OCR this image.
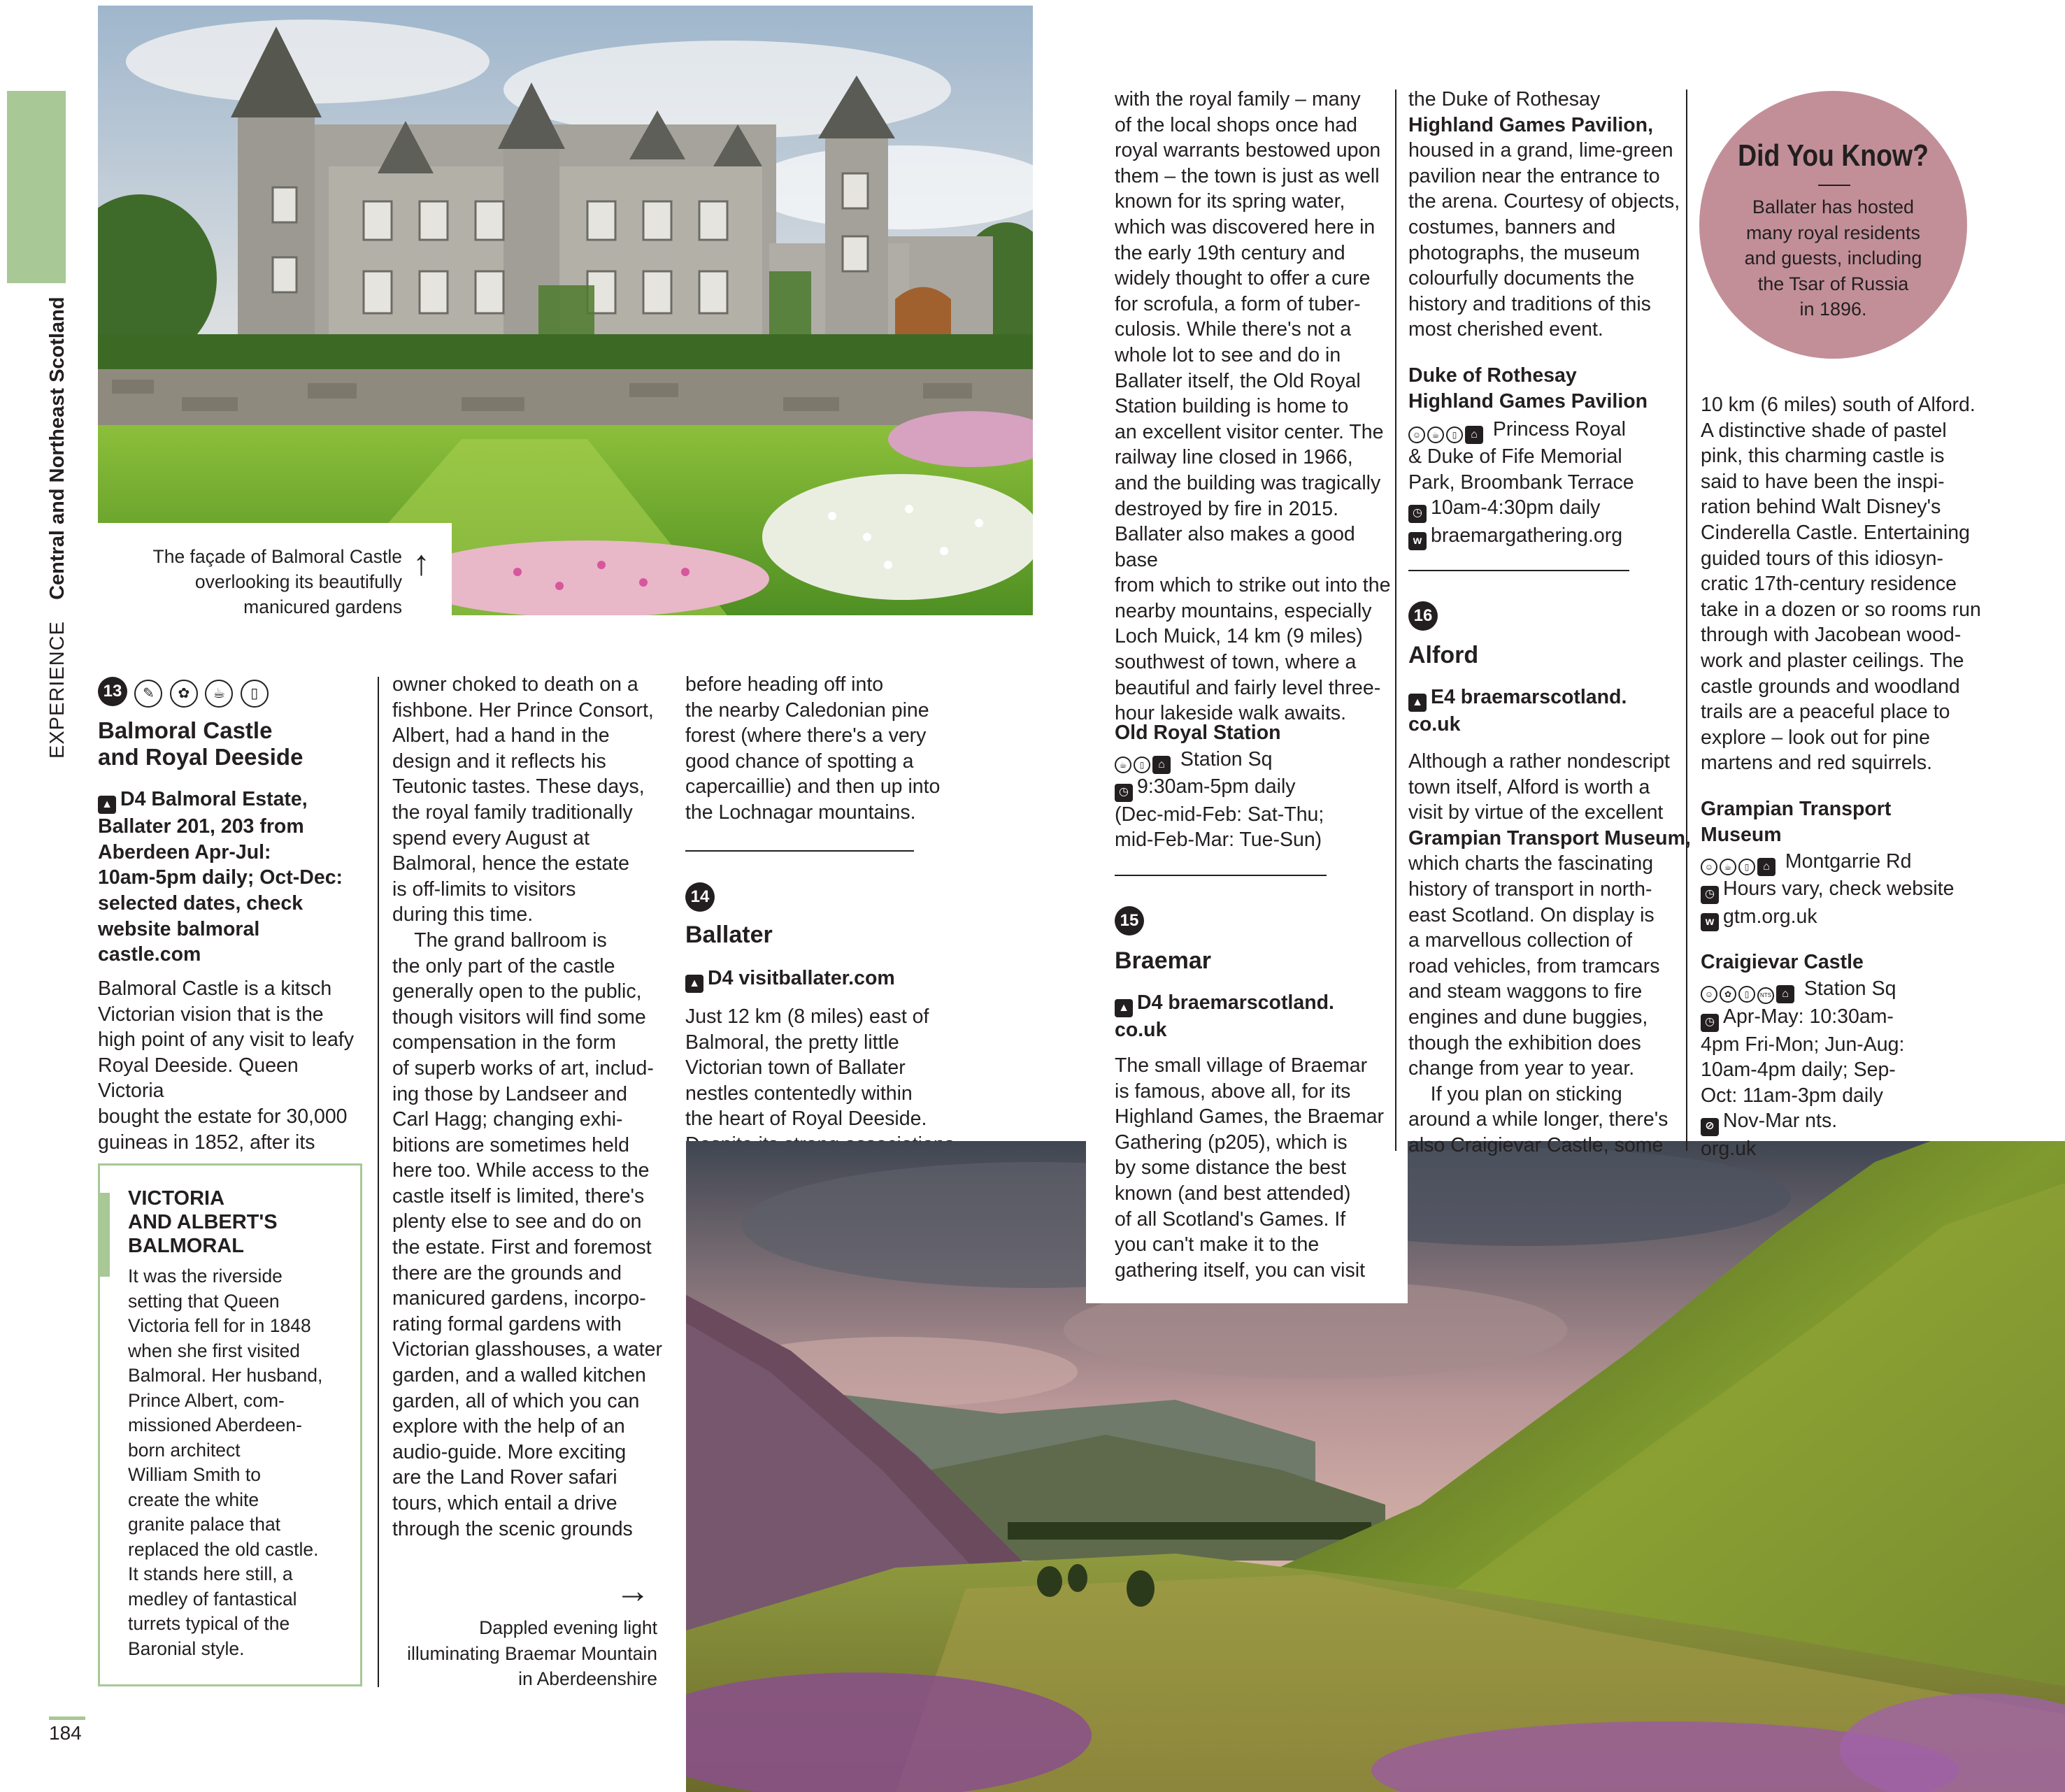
EXPERIENCE  Central and Northeast Scotland	The façade of Balmoral Castle overlooking its beautifully manicured gardens
↑
13 ✎ ✿ ☕ ▯
Balmoral Castle
and Royal Deeside
▲ D4 Balmoral Estate,
Ballater 201, 203 from
Aberdeen Apr-Jul:
10am-5pm daily; Oct-Dec:
selected dates, check
website balmoral
castle.com
Balmoral Castle is a kitsch
Victorian vision that is the
high point of any visit to leafy
Royal Deeside. Queen Victoria
bought the estate for 30,000
guineas in 1852, after its
VICTORIA
AND ALBERT'S
BALMORAL
It was the riverside
setting that Queen
Victoria fell for in 1848
when she first visited
Balmoral. Her husband,
Prince Albert, com-
missioned Aberdeen-
born architect
William Smith to
create the white
granite palace that
replaced the old castle.
It stands here still, a
medley of fantastical
turrets typical of the
Baronial style.
184
owner choked to death on a
fishbone. Her Prince Consort,
Albert, had a hand in the
design and it reflects his
Teutonic tastes. These days,
the royal family traditionally
spend every August at
Balmoral, hence the estate
is off-limits to visitors
during this time.
The grand ballroom is
the only part of the castle
generally open to the public,
though visitors will find some
compensation in the form
of superb works of art, includ-
ing those by Landseer and
Carl Hagg; changing exhi-
bitions are sometimes held
here too. While access to the
castle itself is limited, there's
plenty else to see and do on
the estate. First and foremost
there are the grounds and
manicured gardens, incorpo-
rating formal gardens with
Victorian glasshouses, a water
garden, and a walled kitchen
garden, all of which you can
explore with the help of an
audio-guide. More exciting
are the Land Rover safari
tours, which entail a drive
through the scenic grounds
→
Dappled evening light illuminating Braemar Mountain in Aberdeenshire
before heading off into
the nearby Caledonian pine
forest (where there's a very
good chance of spotting a
capercaillie) and then up into
the Lochnagar mountains.
14
Ballater
▲ D4 visitballater.com
Just 12 km (8 miles) east of
Balmoral, the pretty little
Victorian town of Ballater
nestles contentedly within
the heart of Royal Deeside.
with the royal family – many
of the local shops once had
royal warrants bestowed upon
them – the town is just as well
known for its spring water,
which was discovered here in
the early 19th century and
widely thought to offer a cure
for scrofula, a form of tuber-
culosis. While there's not a
whole lot to see and do in
Ballater itself, the Old Royal
Station building is home to
an excellent visitor center. The
railway line closed in 1966,
and the building was tragically
destroyed by fire in 2015.
Ballater also makes a good base
from which to strike out into the
nearby mountains, especially
Loch Muick, 14 km (9 miles)
southwest of town, where a
beautiful and fairly level three-
hour lakeside walk awaits.
Old Royal Station
☕ ▯ ⌂ Station Sq
◷ 9:30am-5pm daily
(Dec-mid-Feb: Sat-Thu;
mid-Feb-Mar: Tue-Sun)
15
Braemar
▲ D4 braemarscotland.
co.uk
The small village of Braemar
is famous, above all, for its
Highland Games, the Braemar
Gathering (p205), which is
by some distance the best
known (and best attended)
of all Scotland's Games. If
you can't make it to the
gathering itself, you can visit
the Duke of Rothesay
Highland Games Pavilion,
housed in a grand, lime-green
pavilion near the entrance to
the arena. Courtesy of objects,
costumes, banners and
photographs, the museum
colourfully documents the
history and traditions of this
most cherished event.
Duke of Rothesay
Highland Games Pavilion
☺ ☕ ▯ ⌂ Princess Royal
& Duke of Fife Memorial
Park, Broombank Terrace
◷ 10am-4:30pm daily
w braemargathering.org
16
Alford
▲ E4 braemarscotland.
co.uk
Although a rather nondescript
town itself, Alford is worth a
visit by virtue of the excellent
Grampian Transport Museum,
which charts the fascinating
history of transport in north-
east Scotland. On display is
a marvellous collection of
road vehicles, from tramcars
and steam waggons to fire
engines and dune buggies,
though the exhibition does
change from year to year.
If you plan on sticking
around a while longer, there's
also Craigievar Castle, some
Did You Know?
Ballater has hosted
many royal residents
and guests, including
the Tsar of Russia
in 1896.
10 km (6 miles) south of Alford.
A distinctive shade of pastel
pink, this charming castle is
said to have been the inspi-
ration behind Walt Disney's
Cinderella Castle. Entertaining
guided tours of this idiosyn-
cratic 17th-century residence
take in a dozen or so rooms run
through with Jacobean wood-
work and plaster ceilings. The
castle grounds and woodland
trails are a peaceful place to
explore – look out for pine
martens and red squirrels.
Grampian Transport
Museum
☺ ☕ ▯ ⌂ Montgarrie Rd
◷ Hours vary, check website
w gtm.org.uk
Craigievar Castle
☺ ✿ ▯ NTS ⌂ Station Sq
◷ Apr-May: 10:30am-
4pm Fri-Mon; Jun-Aug:
10am-4pm daily; Sep-
Oct: 11am-3pm daily
⊘ Nov-Mar nts.
org.uk
